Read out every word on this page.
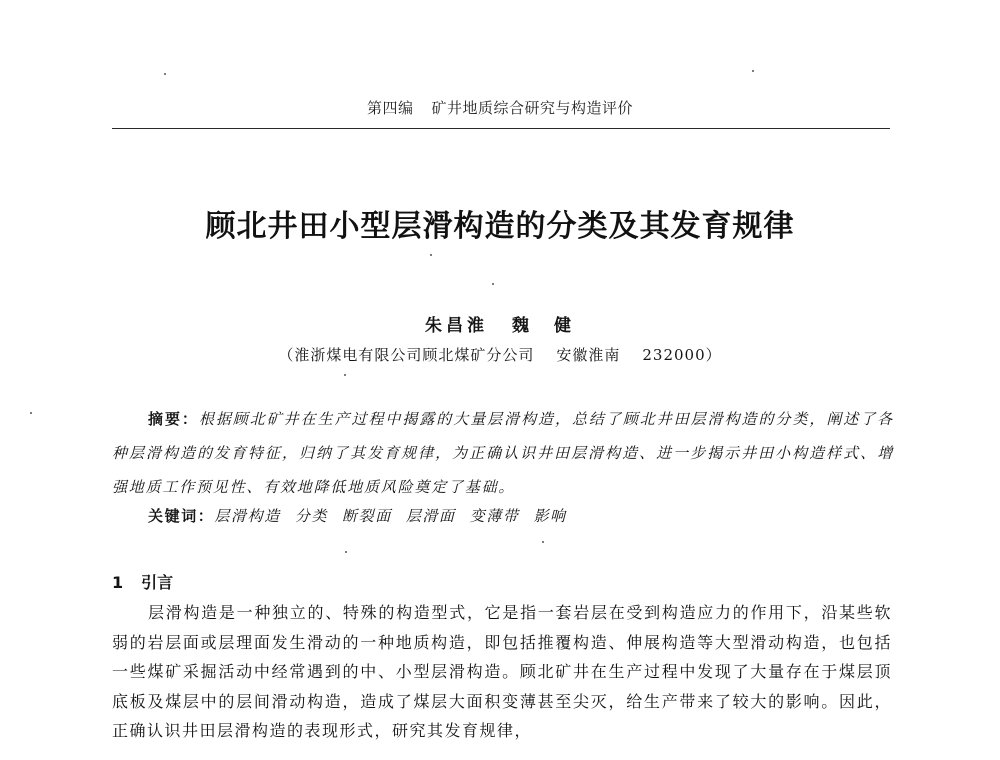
第四编 矿井地质综合研究与构造评价
顾北井田小型层滑构造的分类及其发育规律
朱昌淮 魏　健
（淮浙煤电有限公司顾北煤矿分公司 安徽淮南 232000）
摘要：根据顾北矿井在生产过程中揭露的大量层滑构造，总结了顾北井田层滑构造的分类，阐述了各种层滑构造的发育特征，归纳了其发育规律，为正确认识井田层滑构造、进一步揭示井田小构造样式、增强地质工作预见性、有效地降低地质风险奠定了基础。
关键词：层滑构造 分类 断裂面 层滑面 变薄带 影响
1 引言
层滑构造是一种独立的、特殊的构造型式，它是指一套岩层在受到构造应力的作用下，沿某些软弱的岩层面或层理面发生滑动的一种地质构造，即包括推覆构造、伸展构造等大型滑动构造，也包括一些煤矿采掘活动中经常遇到的中、小型层滑构造。顾北矿井在生产过程中发现了大量存在于煤层顶底板及煤层中的层间滑动构造，造成了煤层大面积变薄甚至尖灭，给生产带来了较大的影响。因此，正确认识井田层滑构造的表现形式，研究其发育规律，
